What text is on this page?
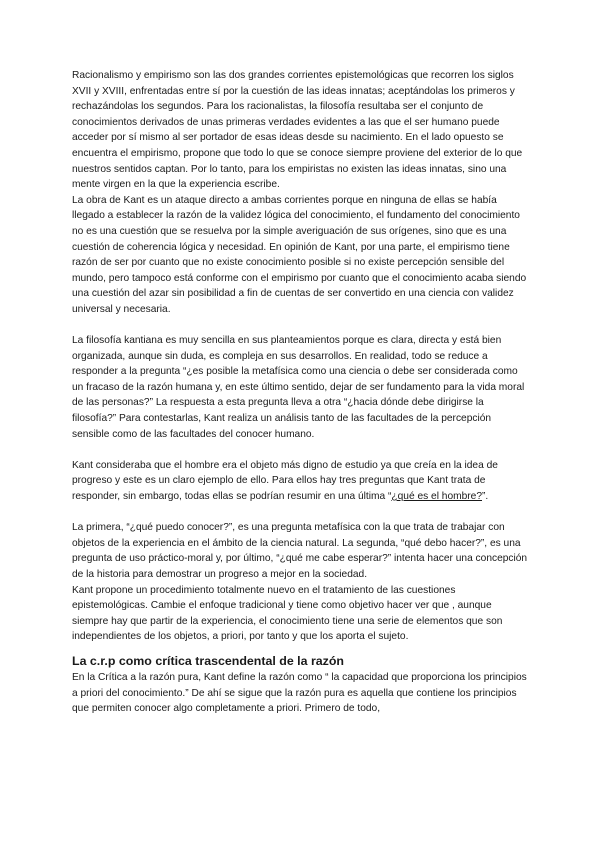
Racionalismo y empirismo son las dos grandes corrientes epistemológicas que recorren los siglos XVII y XVIII, enfrentadas entre sí por la cuestión de las ideas innatas; aceptándolas los primeros y rechazándolas los segundos. Para los racionalistas, la filosofía resultaba ser el conjunto de conocimientos derivados de unas primeras verdades evidentes a las que el ser humano puede acceder por sí mismo al ser portador de esas ideas desde su nacimiento. En el lado opuesto se encuentra el empirismo, propone que todo lo que se conoce siempre proviene del exterior de lo que nuestros sentidos captan. Por lo tanto, para los empiristas no existen las ideas innatas, sino una mente virgen en la que la experiencia escribe.

La obra de Kant es un ataque directo a ambas corrientes porque en ninguna de ellas se había llegado a establecer la razón de la validez lógica del conocimiento, el fundamento del conocimiento no es una cuestión que se resuelva por la simple averiguación de sus orígenes, sino que es una cuestión de coherencia lógica y necesidad. En opinión de Kant, por una parte, el empirismo tiene razón de ser por cuanto que no existe conocimiento posible si no existe percepción sensible del mundo, pero tampoco está conforme con el empirismo por cuanto que el conocimiento acaba siendo una cuestión del azar sin posibilidad a fin de cuentas de ser convertido en una ciencia con validez universal y necesaria.

La filosofía kantiana es muy sencilla en sus planteamientos porque es clara, directa y está bien organizada, aunque sin duda, es compleja en sus desarrollos. En realidad, todo se reduce a responder a la pregunta “¿es posible la metafísica como una ciencia o debe ser considerada como un fracaso de la razón humana y, en este último sentido, dejar de ser fundamento para la vida moral de las personas?” La respuesta a esta pregunta lleva a otra “¿hacia dónde debe dirigirse la filosofía?” Para contestarlas, Kant realiza un análisis tanto de las facultades de la percepción sensible como de las facultades del conocer humano.

Kant consideraba que el hombre era el objeto más digno de estudio ya que creía en la idea de progreso y este es un claro ejemplo de ello. Para ellos hay tres preguntas que Kant trata de responder, sin embargo, todas ellas se podrían resumir en una última “¿qué es el hombre?”.

La primera, “¿qué puedo conocer?”, es una pregunta metafísica con la que trata de trabajar con objetos de la experiencia en el ámbito de la ciencia natural. La segunda, “qué debo hacer?”, es una pregunta de uso práctico-moral y, por último, “¿qué me cabe esperar?” intenta hacer una concepción de la historia para demostrar un progreso a mejor en la sociedad.

Kant propone un procedimiento totalmente nuevo en el tratamiento de las cuestiones epistemológicas. Cambie el enfoque tradicional y tiene como objetivo hacer ver que , aunque siempre hay que partir de la experiencia, el conocimiento tiene una serie de elementos que son independientes de los objetos, a priori, por tanto y que los aporta el sujeto.

La c.r.p como crítica trascendental de la razón

En la Crítica a la razón pura, Kant define la razón como “ la capacidad que proporciona los principios a priori del conocimiento.” De ahí se sigue que la razón pura es aquella que contiene los principios que permiten conocer algo completamente a priori. Primero de todo,
